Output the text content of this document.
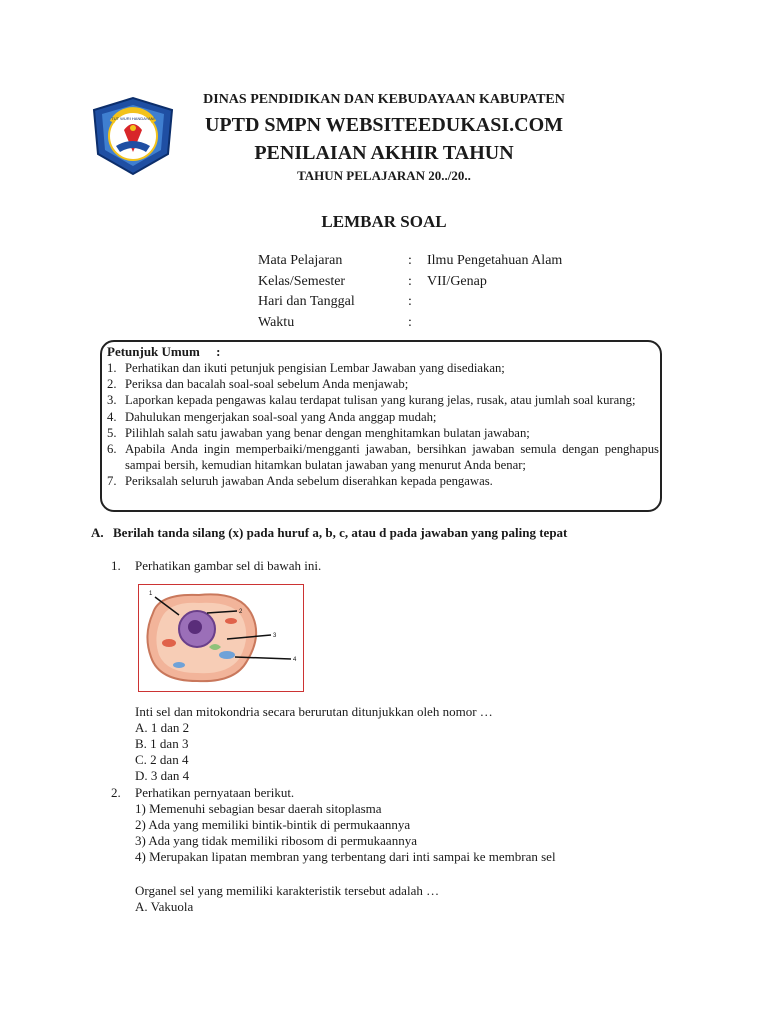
TUT WURI HANDAYANI
DINAS PENDIDIKAN DAN KEBUDAYAAN KABUPATEN
UPTD SMPN WEBSITEEDUKASI.COM
PENILAIAN AKHIR TAHUN
TAHUN PELAJARAN 20../20..
LEMBAR SOAL
Mata Pelajaran	:	Ilmu Pengetahuan Alam
Kelas/Semester	:	VII/Genap
Hari dan Tanggal	:
Waktu	:
Petunjuk Umum     :
1. Perhatikan dan ikuti petunjuk pengisian Lembar Jawaban yang disediakan;
2. Periksa dan bacalah soal-soal sebelum Anda menjawab;
3. Laporkan kepada pengawas kalau terdapat tulisan yang kurang jelas, rusak, atau jumlah soal kurang;
4. Dahulukan mengerjakan soal-soal yang Anda anggap mudah;
5. Pilihlah salah satu jawaban yang benar dengan menghitamkan bulatan jawaban;
6. Apabila Anda ingin memperbaiki/mengganti jawaban, bersihkan jawaban semula dengan penghapus sampai bersih, kemudian hitamkan bulatan jawaban yang menurut Anda benar;
7. Periksalah seluruh jawaban Anda sebelum diserahkan kepada pengawas.
A. Berilah tanda silang (x) pada huruf a, b, c, atau d pada jawaban yang paling tepat
1.	Perhatikan gambar sel di bawah ini.
1
2
3
4
Inti sel dan mitokondria secara berurutan ditunjukkan oleh nomor …
A. 1 dan 2
B. 1 dan 3
C. 2 dan 4
D. 3 dan 4
2.	Perhatikan pernyataan berikut.
1) Memenuhi sebagian besar daerah sitoplasma
2) Ada yang memiliki bintik-bintik di permukaannya
3) Ada yang tidak memiliki ribosom di permukaannya
4) Merupakan lipatan membran yang terbentang dari inti sampai ke membran sel
Organel sel yang memiliki karakteristik tersebut adalah …
A. Vakuola
